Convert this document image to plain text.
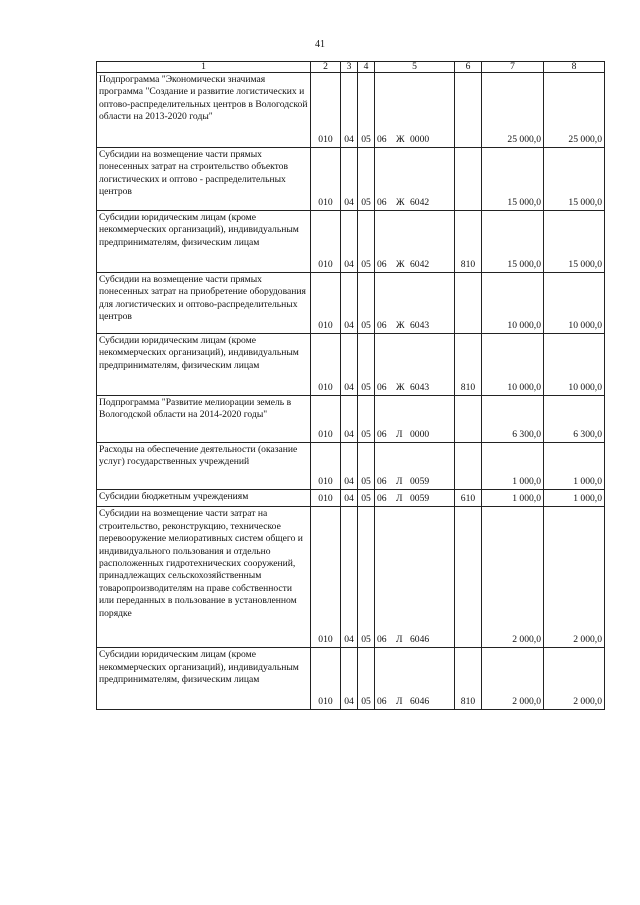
41
1	2	3	4	5	6	7	8

Подпрограмма "Экономически значимая программа "Создание и развитие логистических и оптово-распределительных центров в Вологодской области на 2013-2020 годы"	010	04	05	06 Ж 0000		25 000,0	25 000,0

Субсидии на возмещение части прямых понесенных затрат на строительство объектов логистических и оптово - распределительных центров	010	04	05	06 Ж 6042		15 000,0	15 000,0

Субсидии юридическим лицам (кроме некоммерческих организаций), индивидуальным предпринимателям, физическим лицам	010	04	05	06 Ж 6042	810	15 000,0	15 000,0

Субсидии на возмещение части прямых понесенных затрат на приобретение оборудования для логистических и оптово-распределительных центров	010	04	05	06 Ж 6043		10 000,0	10 000,0

Субсидии юридическим лицам (кроме некоммерческих организаций), индивидуальным предпринимателям, физическим лицам	010	04	05	06 Ж 6043	810	10 000,0	10 000,0

Подпрограмма "Развитие мелиорации земель в Вологодской области на 2014-2020 годы"	010	04	05	06 Л 0000		6 300,0	6 300,0

Расходы на обеспечение деятельности (оказание услуг) государственных учреждений	010	04	05	06 Л 0059		1 000,0	1 000,0

Субсидии бюджетным учреждениям	010	04	05	06 Л 0059	610	1 000,0	1 000,0

Субсидии на возмещение части затрат на строительство, реконструкцию, техническое перевооружение мелиоративных систем общего и индивидуального пользования и отдельно расположенных гидротехнических сооружений, принадлежащих сельскохозяйственным товаропроизводителям на праве собственности или переданных в пользование в установленном порядке	010	04	05	06 Л 6046		2 000,0	2 000,0

Субсидии юридическим лицам (кроме некоммерческих организаций), индивидуальным предпринимателям, физическим лицам	010	04	05	06 Л 6046	810	2 000,0	2 000,0
